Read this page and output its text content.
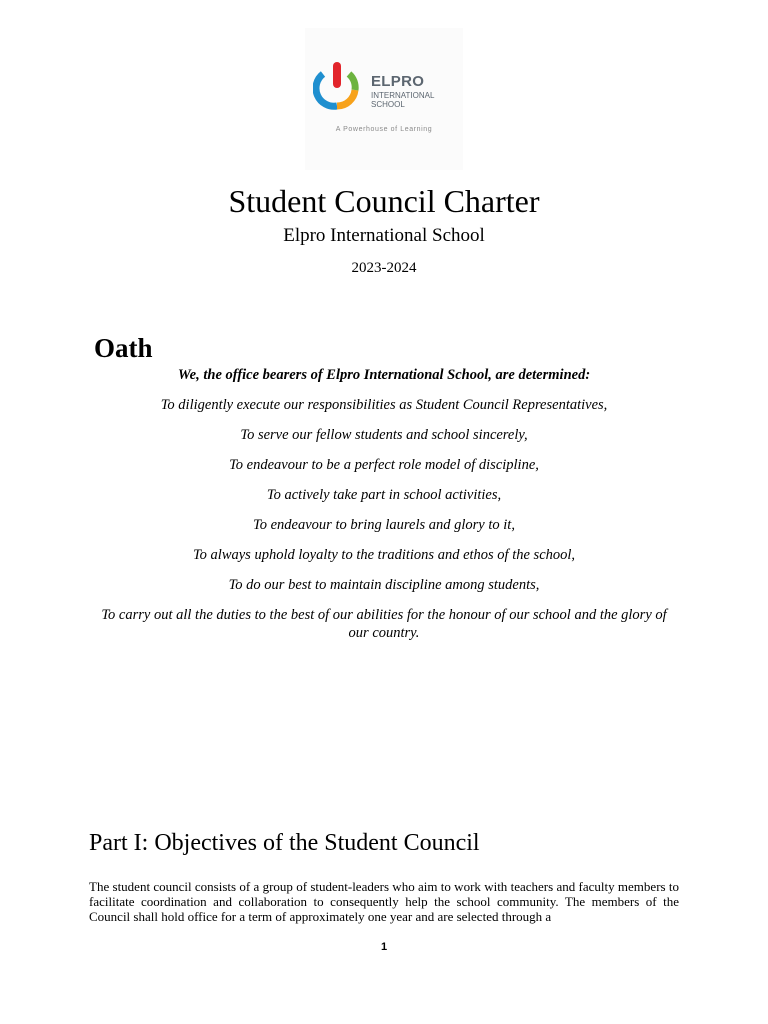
ELPRO
INTERNATIONAL
SCHOOL
A Powerhouse of Learning
Student Council Charter
Elpro International School
2023-2024
Oath
We, the office bearers of Elpro International School, are determined:
To diligently execute our responsibilities as Student Council Representatives,
To serve our fellow students and school sincerely,
To endeavour to be a perfect role model of discipline,
To actively take part in school activities,
To endeavour to bring laurels and glory to it,
To always uphold loyalty to the traditions and ethos of the school,
To do our best to maintain discipline among students,
To carry out all the duties to the best of our abilities for the honour of our school and the glory of our country.
Part I: Objectives of the Student Council
The student council consists of a group of student-leaders who aim to work with teachers and faculty members to facilitate coordination and collaboration to consequently help the school community. The members of the Council shall hold office for a term of approximately one year and are selected through a
1
